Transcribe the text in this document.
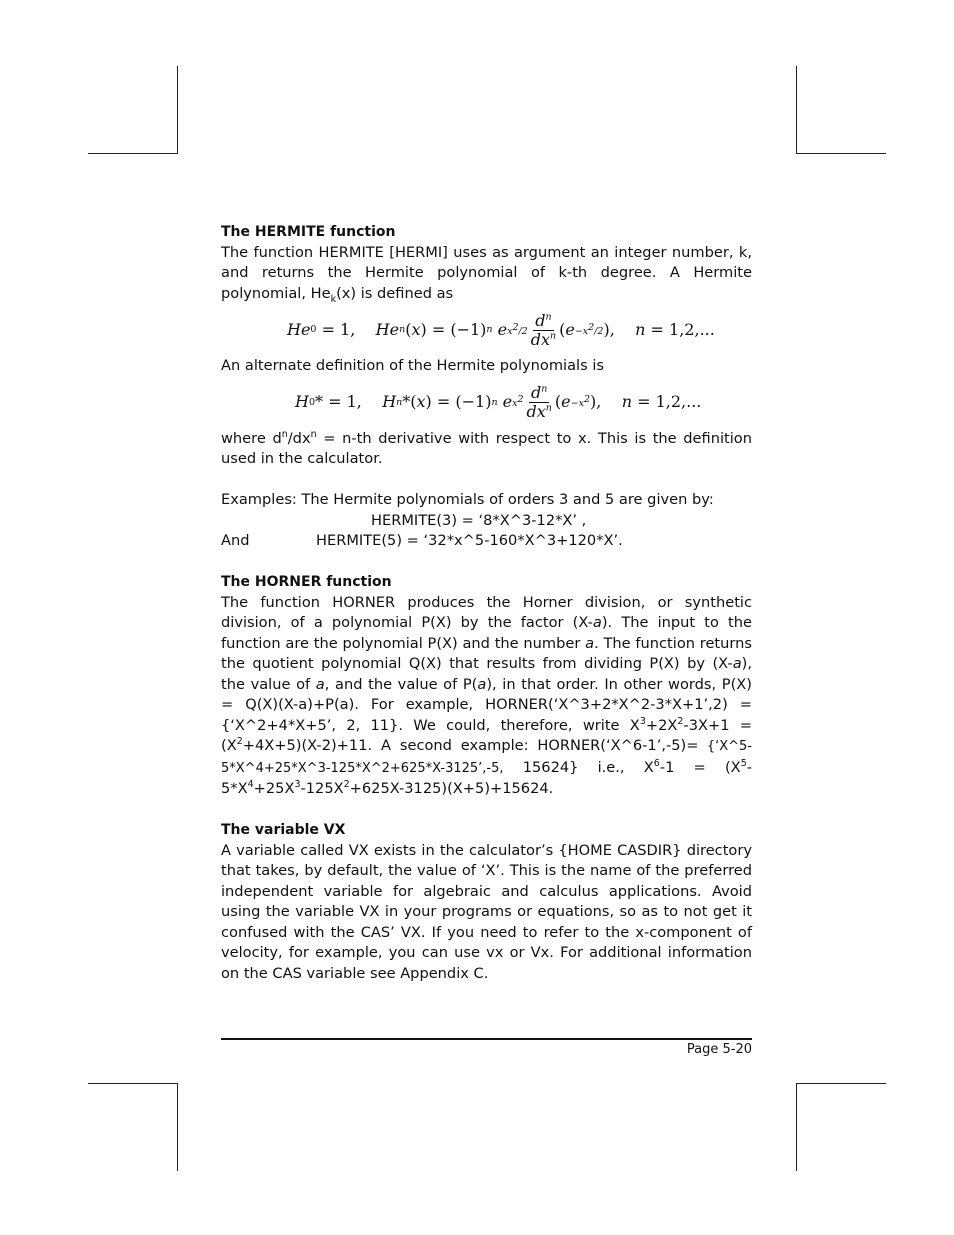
The HERMITE function

The function HERMITE [HERMI] uses as argument an integer number, k, and returns the Hermite polynomial of k-th degree. A Hermite polynomial, $He_k(x)$ is defined as

He 0
= 1, He n ( x ) = (−1) n e $x^2/2 \frac{d^n}{dx^n}$ ( $e -x^2/2$ ), n = 1,2,...

An alternate definition of the Hermite polynomials is

H 0 * = 1, H n *( x ) = (−1) n e $x^2 \frac{d^n}{dx^n}$ ( $e -x^2$ ), n = 1,2,...

where $d^n/dx^n = n-th$ derivative with respect to x. This is the definition used in the calculator.

Examples: The Hermite polynomials of orders 3 and 5 are given by:

HERMITE(3) = ‘8*X^3-12*X’ ,

And	HERMITE(5) = ‘32*x^5-160*X^3+120*X’.
The HORNER function

The function HORNER produces the Horner division, or synthetic division, of a polynomial P(X) by the factor (X-a). The input to the function are the polynomial P(X) and the number a. The function returns the quotient polynomial Q(X) that results from dividing P(X) by (X-a), the value of a, and the value of P(a), in that order. In other words, P(X) = Q(X)(X-a)+P(a). For example, HORNER(‘X^3+2*X^2-3*X+1’,2) = {‘X^2+4*X+5’, 2, 11}. We could, therefore, write $X^3+2X^2-3X+1 = (X^2+4X+5)(X-2)+11$. A second example: HORNER(‘X^6-1’,-5)= {‘X^5-5*X^4+25*X^3-125*X^2+625*X-3125’,-5, 15624} i.e., $X^6-1 = (X^5-5*X^4+25X^3-125X^2+625X-3125)(X+5)+15624$.

The variable VX

A variable called VX exists in the calculator’s {HOME CASDIR} directory that takes, by default, the value of ‘X’. This is the name of the preferred independent variable for algebraic and calculus applications. Avoid using the variable VX in your programs or equations, so as to not get it confused with the CAS’ VX. If you need to refer to the x-component of velocity, for example, you can use vx or Vx. For additional information on the CAS variable see Appendix C.

Page 5-20
